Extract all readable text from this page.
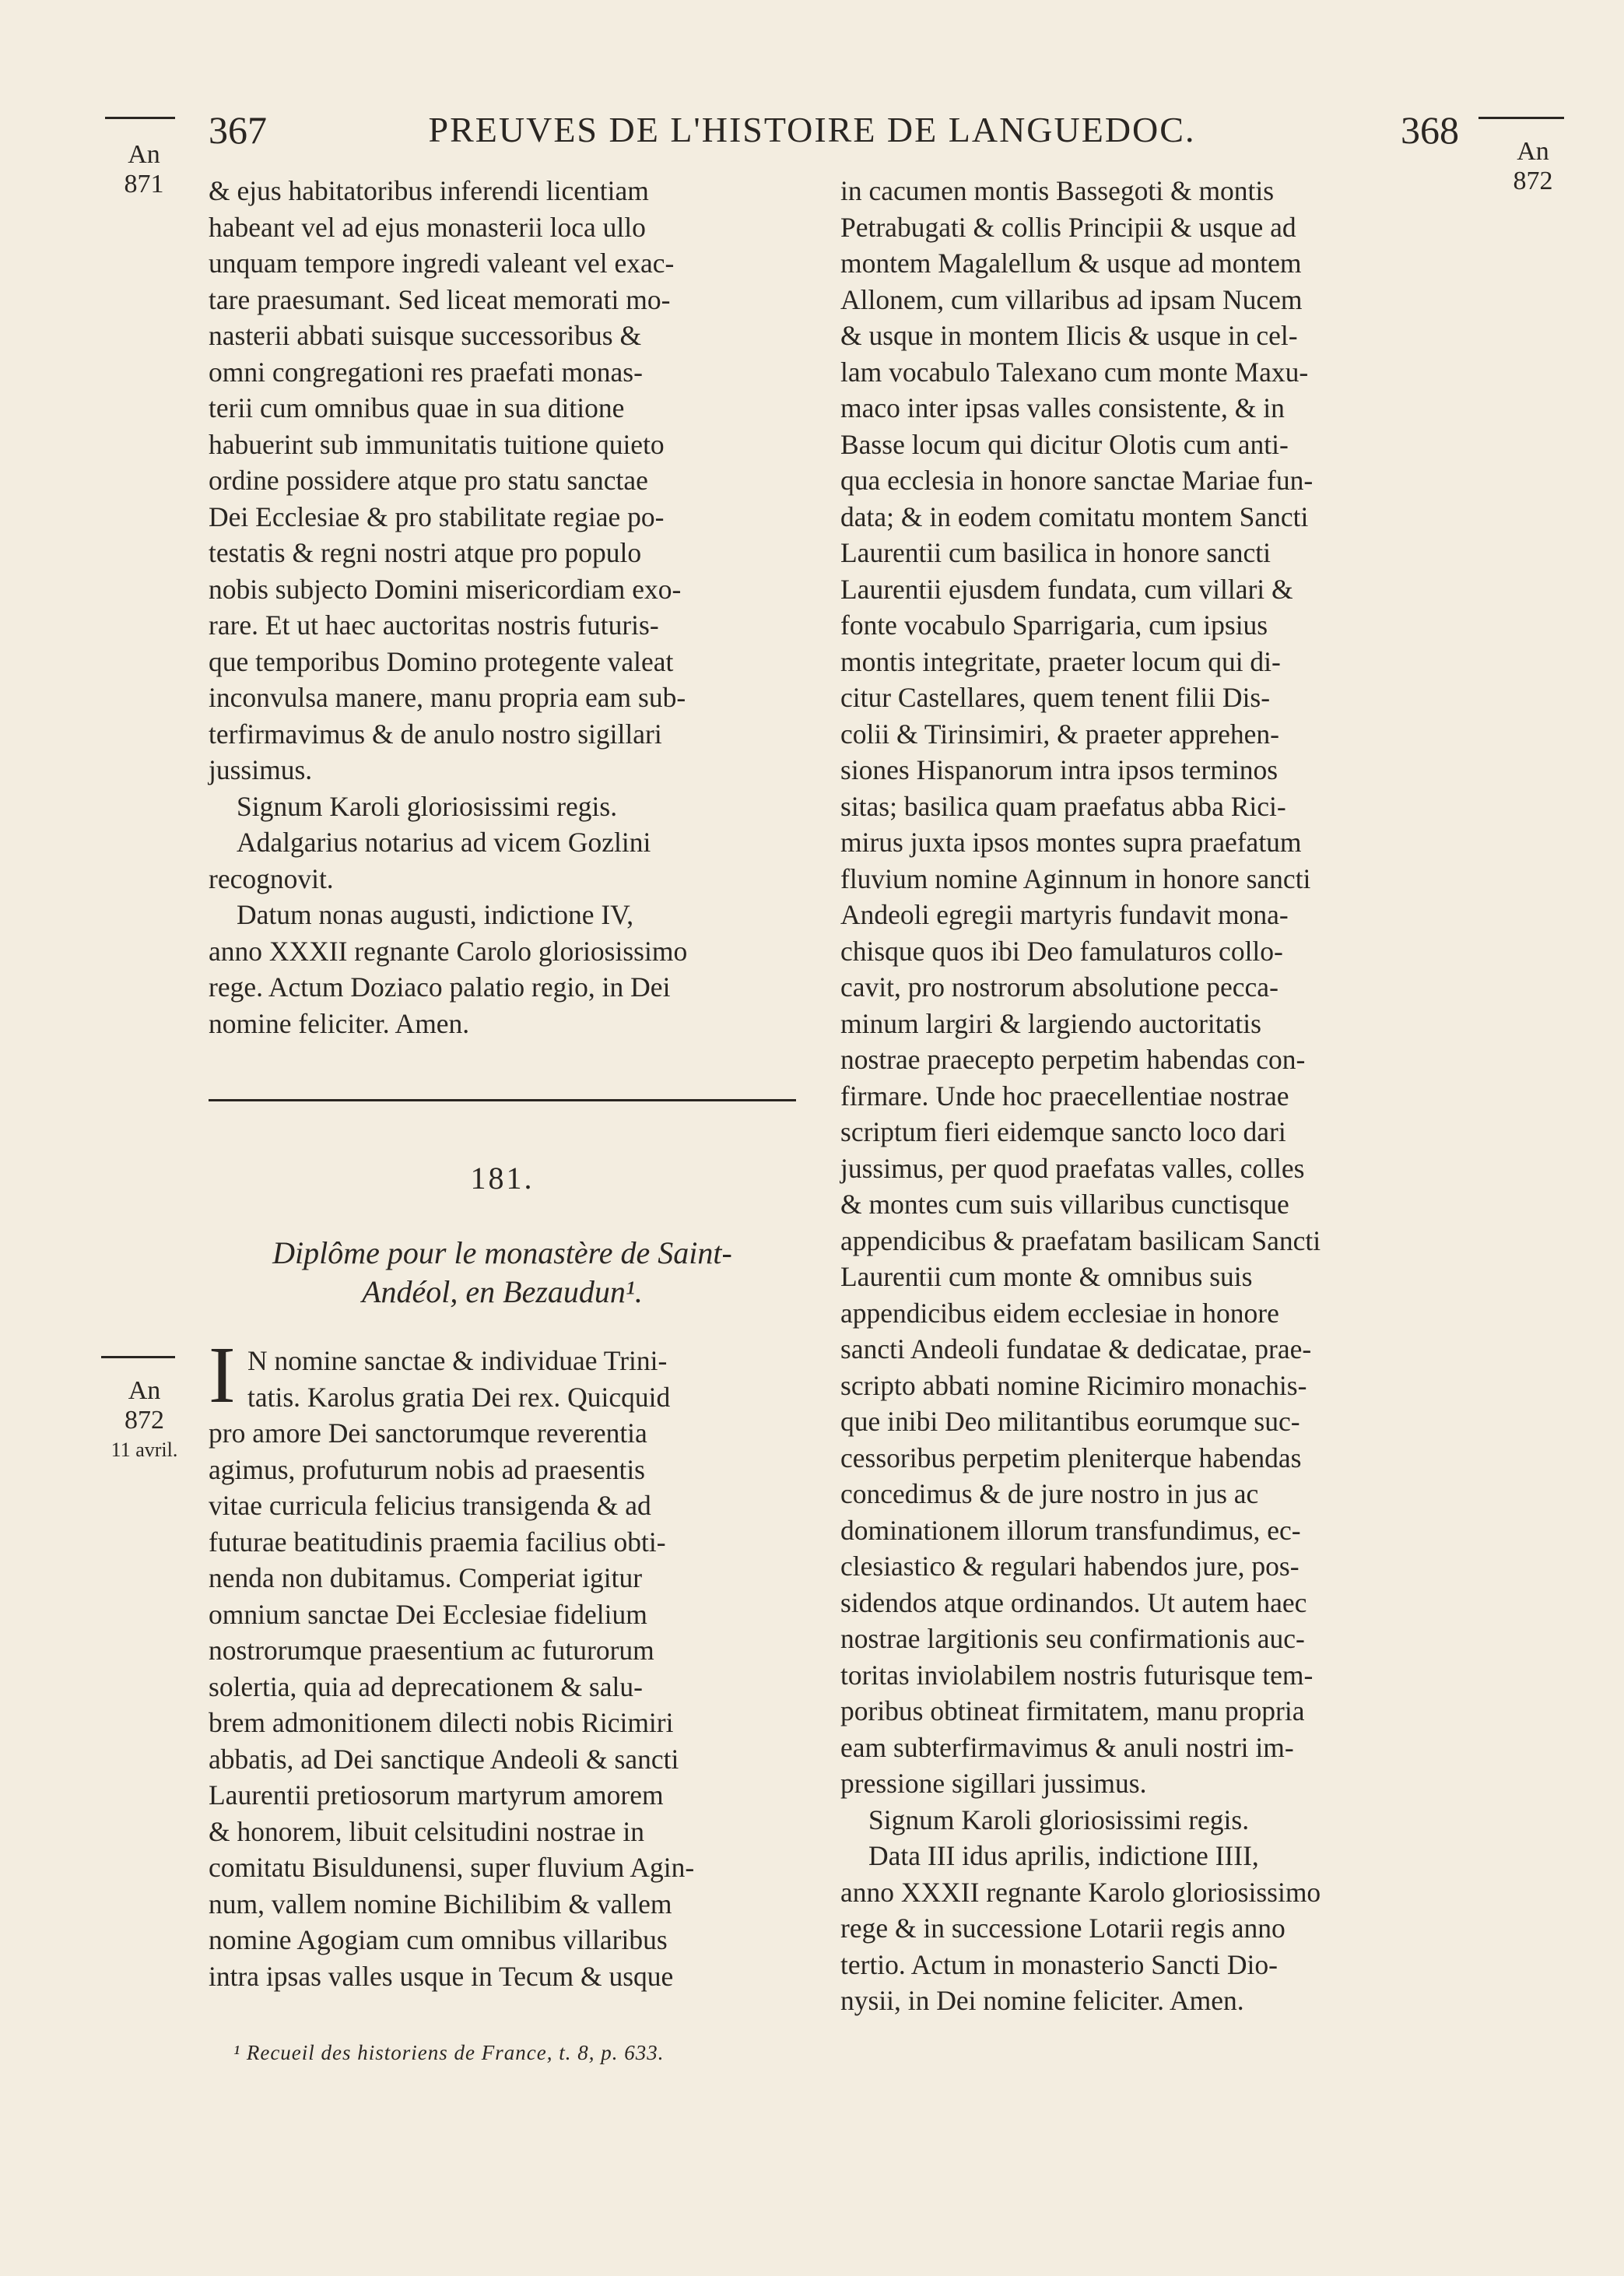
367	PREUVES DE L'HISTOIRE DE LANGUEDOC.	368
An
871
An
872
An
872
11 avril.
& ejus habitatoribus inferendi licentiam
habeant vel ad ejus monasterii loca ullo
unquam tempore ingredi valeant vel exac-
tare praesumant. Sed liceat memorati mo-
nasterii abbati suisque successoribus &
omni congregationi res praefati monas-
terii cum omnibus quae in sua ditione
habuerint sub immunitatis tuitione quieto
ordine possidere atque pro statu sanctae
Dei Ecclesiae & pro stabilitate regiae po-
testatis & regni nostri atque pro populo
nobis subjecto Domini misericordiam exo-
rare. Et ut haec auctoritas nostris futuris-
que temporibus Domino protegente valeat
inconvulsa manere, manu propria eam sub-
terfirmavimus & de anulo nostro sigillari
jussimus.
Signum Karoli gloriosissimi regis.
Adalgarius notarius ad vicem Gozlini
recognovit.
Datum nonas augusti, indictione IV,
anno XXXII regnante Carolo gloriosissimo
rege. Actum Doziaco palatio regio, in Dei
nomine feliciter. Amen.
181.
Diplôme pour le monastère de Saint-
Andéol, en Bezaudun¹.
I N nomine sanctae & individuae Trini-
tatis. Karolus gratia Dei rex. Quicquid
pro amore Dei sanctorumque reverentia
agimus, profuturum nobis ad praesentis
vitae curricula felicius transigenda & ad
futurae beatitudinis praemia facilius obti-
nenda non dubitamus. Comperiat igitur
omnium sanctae Dei Ecclesiae fidelium
nostrorumque praesentium ac futurorum
solertia, quia ad deprecationem & salu-
brem admonitionem dilecti nobis Ricimiri
abbatis, ad Dei sanctique Andeoli & sancti
Laurentii pretiosorum martyrum amorem
& honorem, libuit celsitudini nostrae in
comitatu Bisuldunensi, super fluvium Agin-
num, vallem nomine Bichilibim & vallem
nomine Agogiam cum omnibus villaribus
intra ipsas valles usque in Tecum & usque
¹ Recueil des historiens de France, t. 8, p. 633.
in cacumen montis Bassegoti & montis
Petrabugati & collis Principii & usque ad
montem Magalellum & usque ad montem
Allonem, cum villaribus ad ipsam Nucem
& usque in montem Ilicis & usque in cel-
lam vocabulo Talexano cum monte Maxu-
maco inter ipsas valles consistente, & in
Basse locum qui dicitur Olotis cum anti-
qua ecclesia in honore sanctae Mariae fun-
data; & in eodem comitatu montem Sancti
Laurentii cum basilica in honore sancti
Laurentii ejusdem fundata, cum villari &
fonte vocabulo Sparrigaria, cum ipsius
montis integritate, praeter locum qui di-
citur Castellares, quem tenent filii Dis-
colii & Tirinsimiri, & praeter apprehen-
siones Hispanorum intra ipsos terminos
sitas; basilica quam praefatus abba Rici-
mirus juxta ipsos montes supra praefatum
fluvium nomine Aginnum in honore sancti
Andeoli egregii martyris fundavit mona-
chisque quos ibi Deo famulaturos collo-
cavit, pro nostrorum absolutione pecca-
minum largiri & largiendo auctoritatis
nostrae praecepto perpetim habendas con-
firmare. Unde hoc praecellentiae nostrae
scriptum fieri eidemque sancto loco dari
jussimus, per quod praefatas valles, colles
& montes cum suis villaribus cunctisque
appendicibus & praefatam basilicam Sancti
Laurentii cum monte & omnibus suis
appendicibus eidem ecclesiae in honore
sancti Andeoli fundatae & dedicatae, prae-
scripto abbati nomine Ricimiro monachis-
que inibi Deo militantibus eorumque suc-
cessoribus perpetim pleniterque habendas
concedimus & de jure nostro in jus ac
dominationem illorum transfundimus, ec-
clesiastico & regulari habendos jure, pos-
sidendos atque ordinandos. Ut autem haec
nostrae largitionis seu confirmationis auc-
toritas inviolabilem nostris futurisque tem-
poribus obtineat firmitatem, manu propria
eam subterfirmavimus & anuli nostri im-
pressione sigillari jussimus.
Signum Karoli gloriosissimi regis.
Data III idus aprilis, indictione IIII,
anno XXXII regnante Karolo gloriosissimo
rege & in successione Lotarii regis anno
tertio. Actum in monasterio Sancti Dio-
nysii, in Dei nomine feliciter. Amen.
